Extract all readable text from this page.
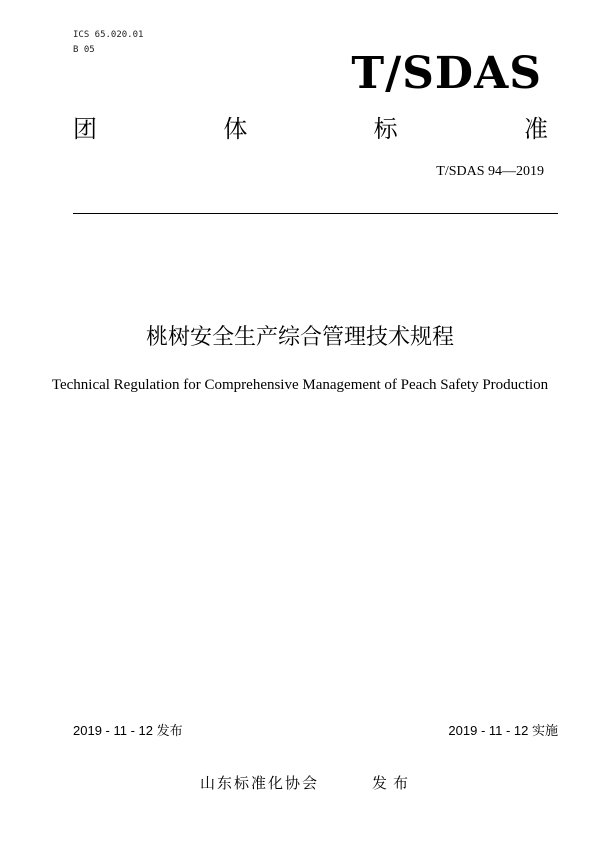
ICS 65.020.01
B 05	T/SDAS
团	体	标	准
T/SDAS 94—2019
桃树安全生产综合管理技术规程
Technical Regulation for Comprehensive Management of Peach Safety Production
2019 - 11 - 12 发布	2019 - 11 - 12 实施
山东标准化协会	发布
